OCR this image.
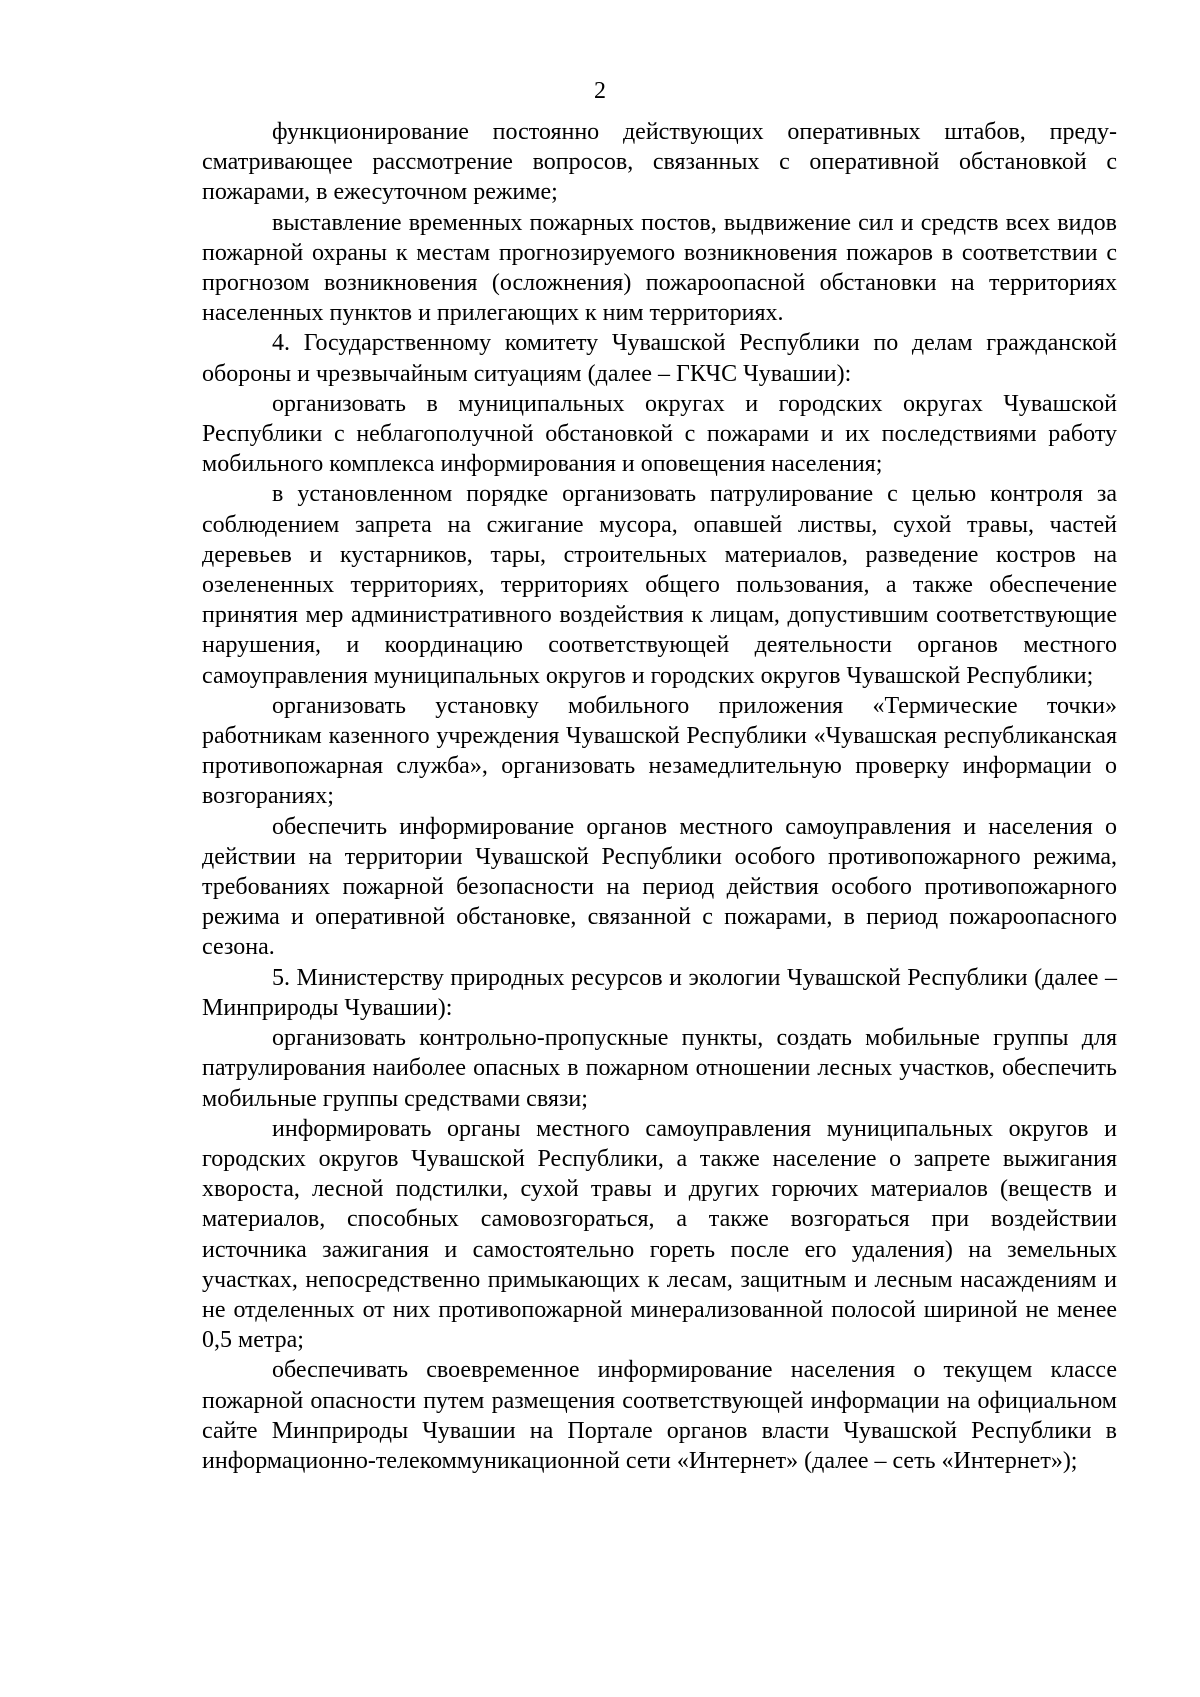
2

функционирование постоянно действующих оперативных штабов, предусматривающее рассмотрение вопросов, связанных с оперативной обстановкой с пожарами, в ежесуточном режиме;

выставление временных пожарных постов, выдвижение сил и средств всех видов пожарной охраны к местам прогнозируемого возникновения пожаров в соответствии с прогнозом возникновения (осложнения) пожароопасной обстановки на территориях населенных пунктов и прилегающих к ним территориях.

4. Государственному комитету Чувашской Республики по делам гражданской обороны и чрезвычайным ситуациям (далее – ГКЧС Чувашии):

организовать в муниципальных округах и городских округах Чувашской Республики с неблагополучной обстановкой с пожарами и их последствиями работу мобильного комплекса информирования и оповещения населения;

в установленном порядке организовать патрулирование с целью контроля за соблюдением запрета на сжигание мусора, опавшей листвы, сухой травы, частей деревьев и кустарников, тары, строительных материалов, разведение костров на озелененных территориях, территориях общего пользования, а также обеспечение принятия мер административного воздействия к лицам, допустившим соответствующие нарушения, и координацию соответствующей деятельности органов местного самоуправления муниципальных округов и городских округов Чувашской Республики;

организовать установку мобильного приложения «Термические точки» работникам казенного учреждения Чувашской Республики «Чувашская республиканская противопожарная служба», организовать незамедлительную проверку информации о возгораниях;

обеспечить информирование органов местного самоуправления и населения о действии на территории Чувашской Республики особого противопожарного режима, требованиях пожарной безопасности на период действия особого противопожарного режима и оперативной обстановке, связанной с пожарами, в период пожароопасного сезона.

5. Министерству природных ресурсов и экологии Чувашской Республики (далее – Минприроды Чувашии):

организовать контрольно-пропускные пункты, создать мобильные группы для патрулирования наиболее опасных в пожарном отношении лесных участков, обеспечить мобильные группы средствами связи;

информировать органы местного самоуправления муниципальных округов и городских округов Чувашской Республики, а также население о запрете выжигания хвороста, лесной подстилки, сухой травы и других горючих материалов (веществ и материалов, способных самовозгораться, а также возгораться при воздействии источника зажигания и самостоятельно гореть после его удаления) на земельных участках, непосредственно примыкающих к лесам, защитным и лесным насаждениям и не отделенных от них противопожарной минерализованной полосой шириной не менее 0,5 метра;

обеспечивать своевременное информирование населения о текущем классе пожарной опасности путем размещения соответствующей информации на официальном сайте Минприроды Чувашии на Портале органов власти Чувашской Республики в информационно-телекоммуникационной сети «Интернет» (далее – сеть «Интернет»);
